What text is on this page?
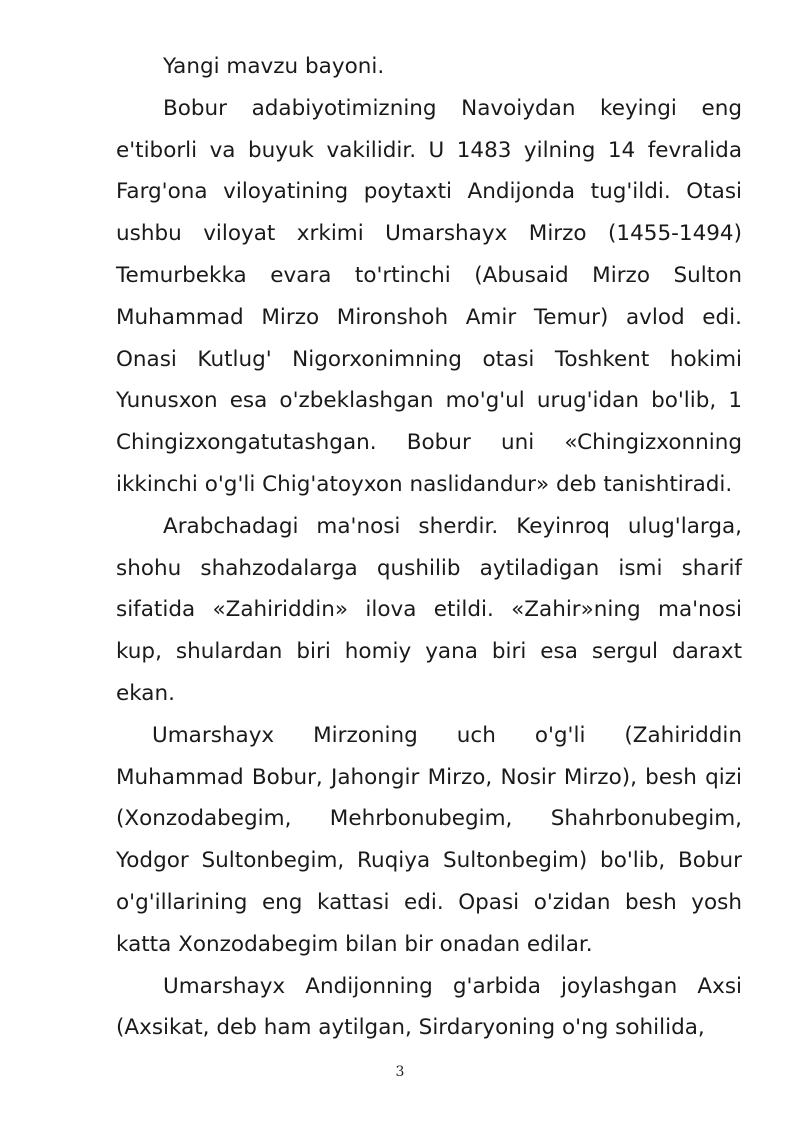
Yangi mavzu bayoni.

Bobur adabiyotimizning Navoiydan keyingi eng e'tiborli va buyuk vakilidir. U 1483 yilning 14 fevralida Farg'ona viloyatining poytaxti Andijonda tug'ildi. Otasi ushbu viloyat xrkimi Umarshayx Mirzo (1455-1494) Temurbekka evara to'rtinchi (Abusaid Mirzo Sulton Muhammad Mirzo Mironshoh Amir Temur) avlod edi. Onasi Kutlug' Nigorxonimning otasi Toshkent hokimi Yunusxon esa o'zbeklashgan mo'g'ul urug'idan bo'lib, 1 Chingizxongatutashgan. Bobur uni «Chingizxonning ikkinchi o'g'li Chig'atoyxon naslidandur» deb tanishtiradi.

Arabchadagi ma'nosi sherdir. Keyinroq ulug'larga, shohu shahzodalarga qushilib aytiladigan ismi sharif sifatida «Zahiriddin» ilova etildi. «Zahir»ning ma'nosi kup, shulardan biri homiy yana biri esa sergul daraxt ekan.

Umarshayx Mirzoning uch o'g'li (Zahiriddin Muhammad Bobur, Jahongir Mirzo, Nosir Mirzo), besh qizi (Xonzodabegim, Mehrbonubegim, Shahrbonubegim, Yodgor Sultonbegim, Ruqiya Sultonbegim) bo'lib, Bobur o'g'illarining eng kattasi edi. Opasi o'zidan besh yosh katta Xonzodabegim bilan bir onadan edilar.

Umarshayx Andijonning g'arbida joylashgan Axsi (Axsikat, deb ham aytilgan, Sirdaryoning o'ng sohilida,

3
